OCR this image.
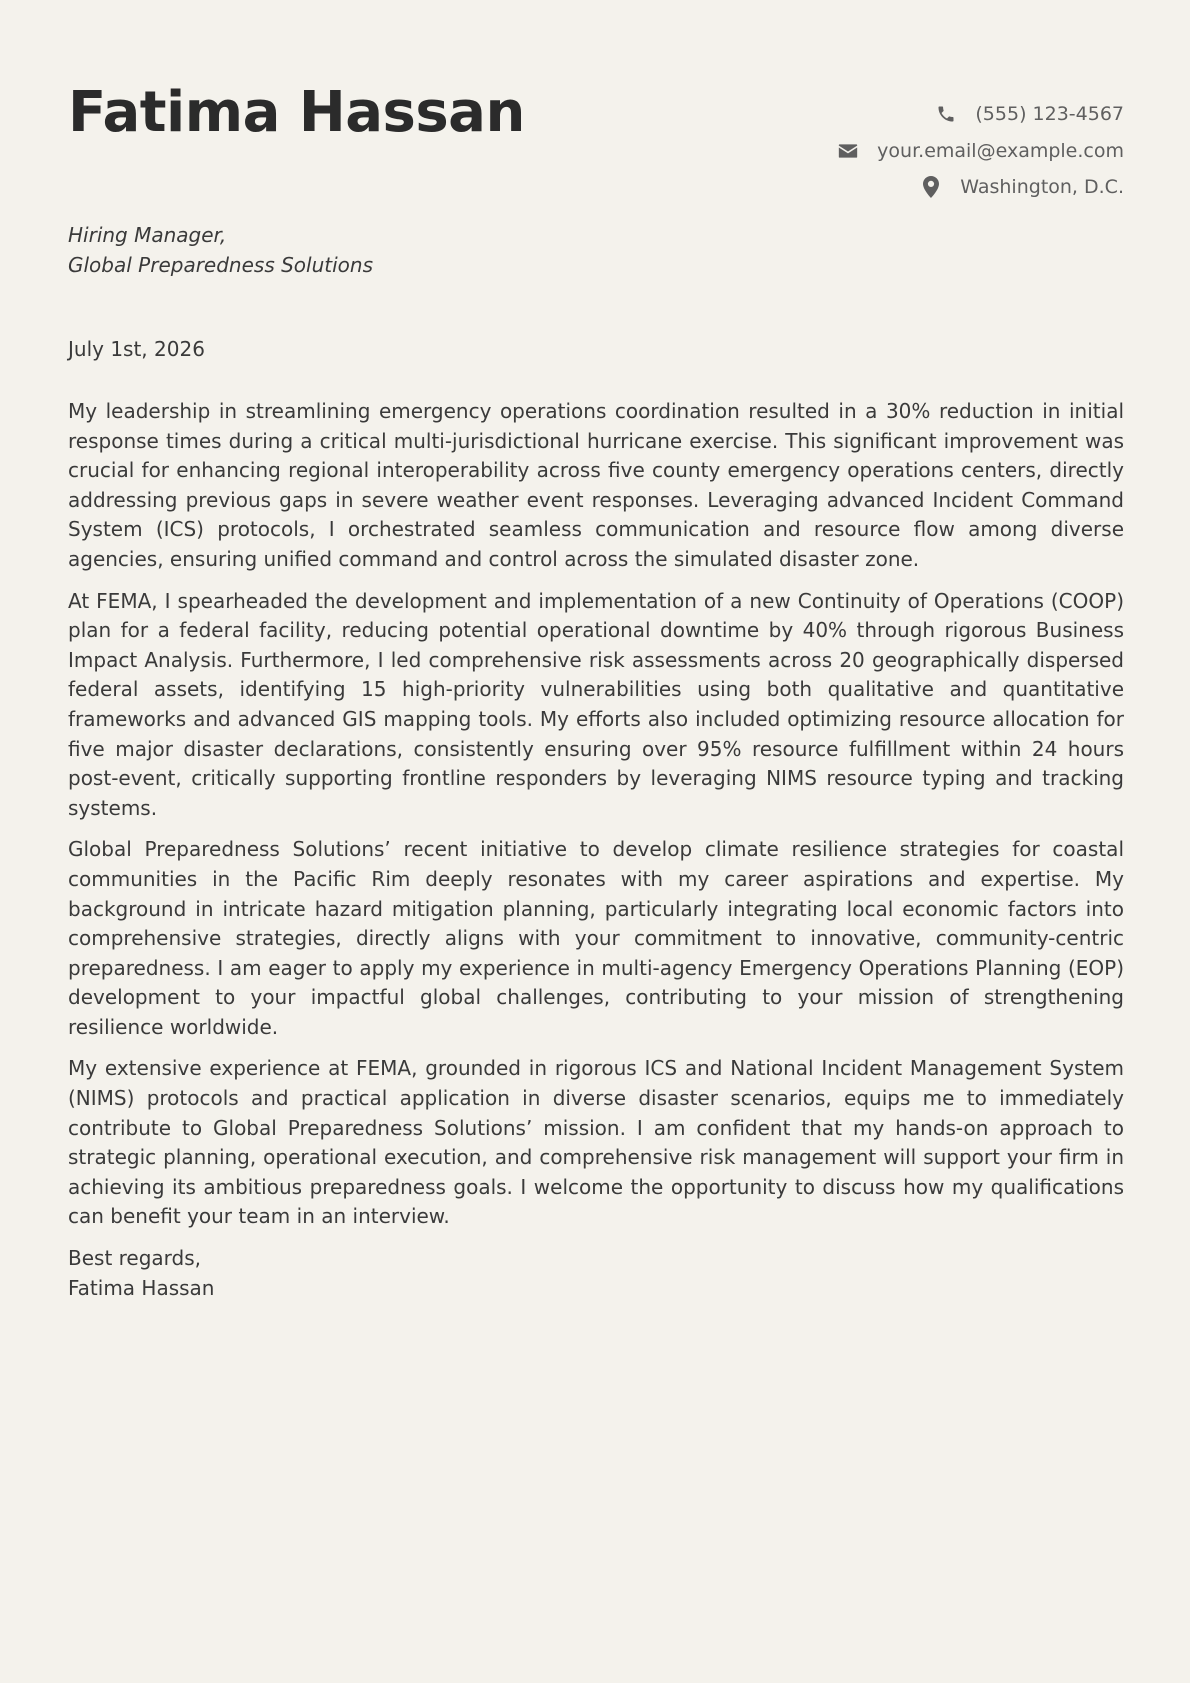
Fatima Hassan	(555) 123-4567
your.email@example.com
Washington, D.C.
Hiring Manager,
Global Preparedness Solutions
July 1st, 2026

My leadership in streamlining emergency operations coordination resulted in a 30% reduction in initial response times during a critical multi-jurisdictional hurricane exercise. This significant improvement was crucial for enhancing regional interoperability across five county emergency operations centers, directly addressing previous gaps in severe weather event responses. Leveraging advanced Incident Command System (ICS) protocols, I orchestrated seamless communication and resource flow among diverse agencies, ensuring unified command and control across the simulated disaster zone.

At FEMA, I spearheaded the development and implementation of a new Continuity of Operations (COOP) plan for a federal facility, reducing potential operational downtime by 40% through rigorous Business Impact Analysis. Furthermore, I led comprehensive risk assessments across 20 geographically dispersed federal assets, identifying 15 high-priority vulnerabilities using both qualitative and quantitative frameworks and advanced GIS mapping tools. My efforts also included optimizing resource allocation for five major disaster declarations, consistently ensuring over 95% resource fulfillment within 24 hours post-event, critically supporting frontline responders by leveraging NIMS resource typing and tracking systems.

Global Preparedness Solutions’ recent initiative to develop climate resilience strategies for coastal communities in the Pacific Rim deeply resonates with my career aspirations and expertise. My background in intricate hazard mitigation planning, particularly integrating local economic factors into comprehensive strategies, directly aligns with your commitment to innovative, community-centric preparedness. I am eager to apply my experience in multi-agency Emergency Operations Planning (EOP) development to your impactful global challenges, contributing to your mission of strengthening resilience worldwide.

My extensive experience at FEMA, grounded in rigorous ICS and National Incident Management System (NIMS) protocols and practical application in diverse disaster scenarios, equips me to immediately contribute to Global Preparedness Solutions’ mission. I am confident that my hands-on approach to strategic planning, operational execution, and comprehensive risk management will support your firm in achieving its ambitious preparedness goals. I welcome the opportunity to discuss how my qualifications can benefit your team in an interview.

Best regards,
Fatima Hassan
